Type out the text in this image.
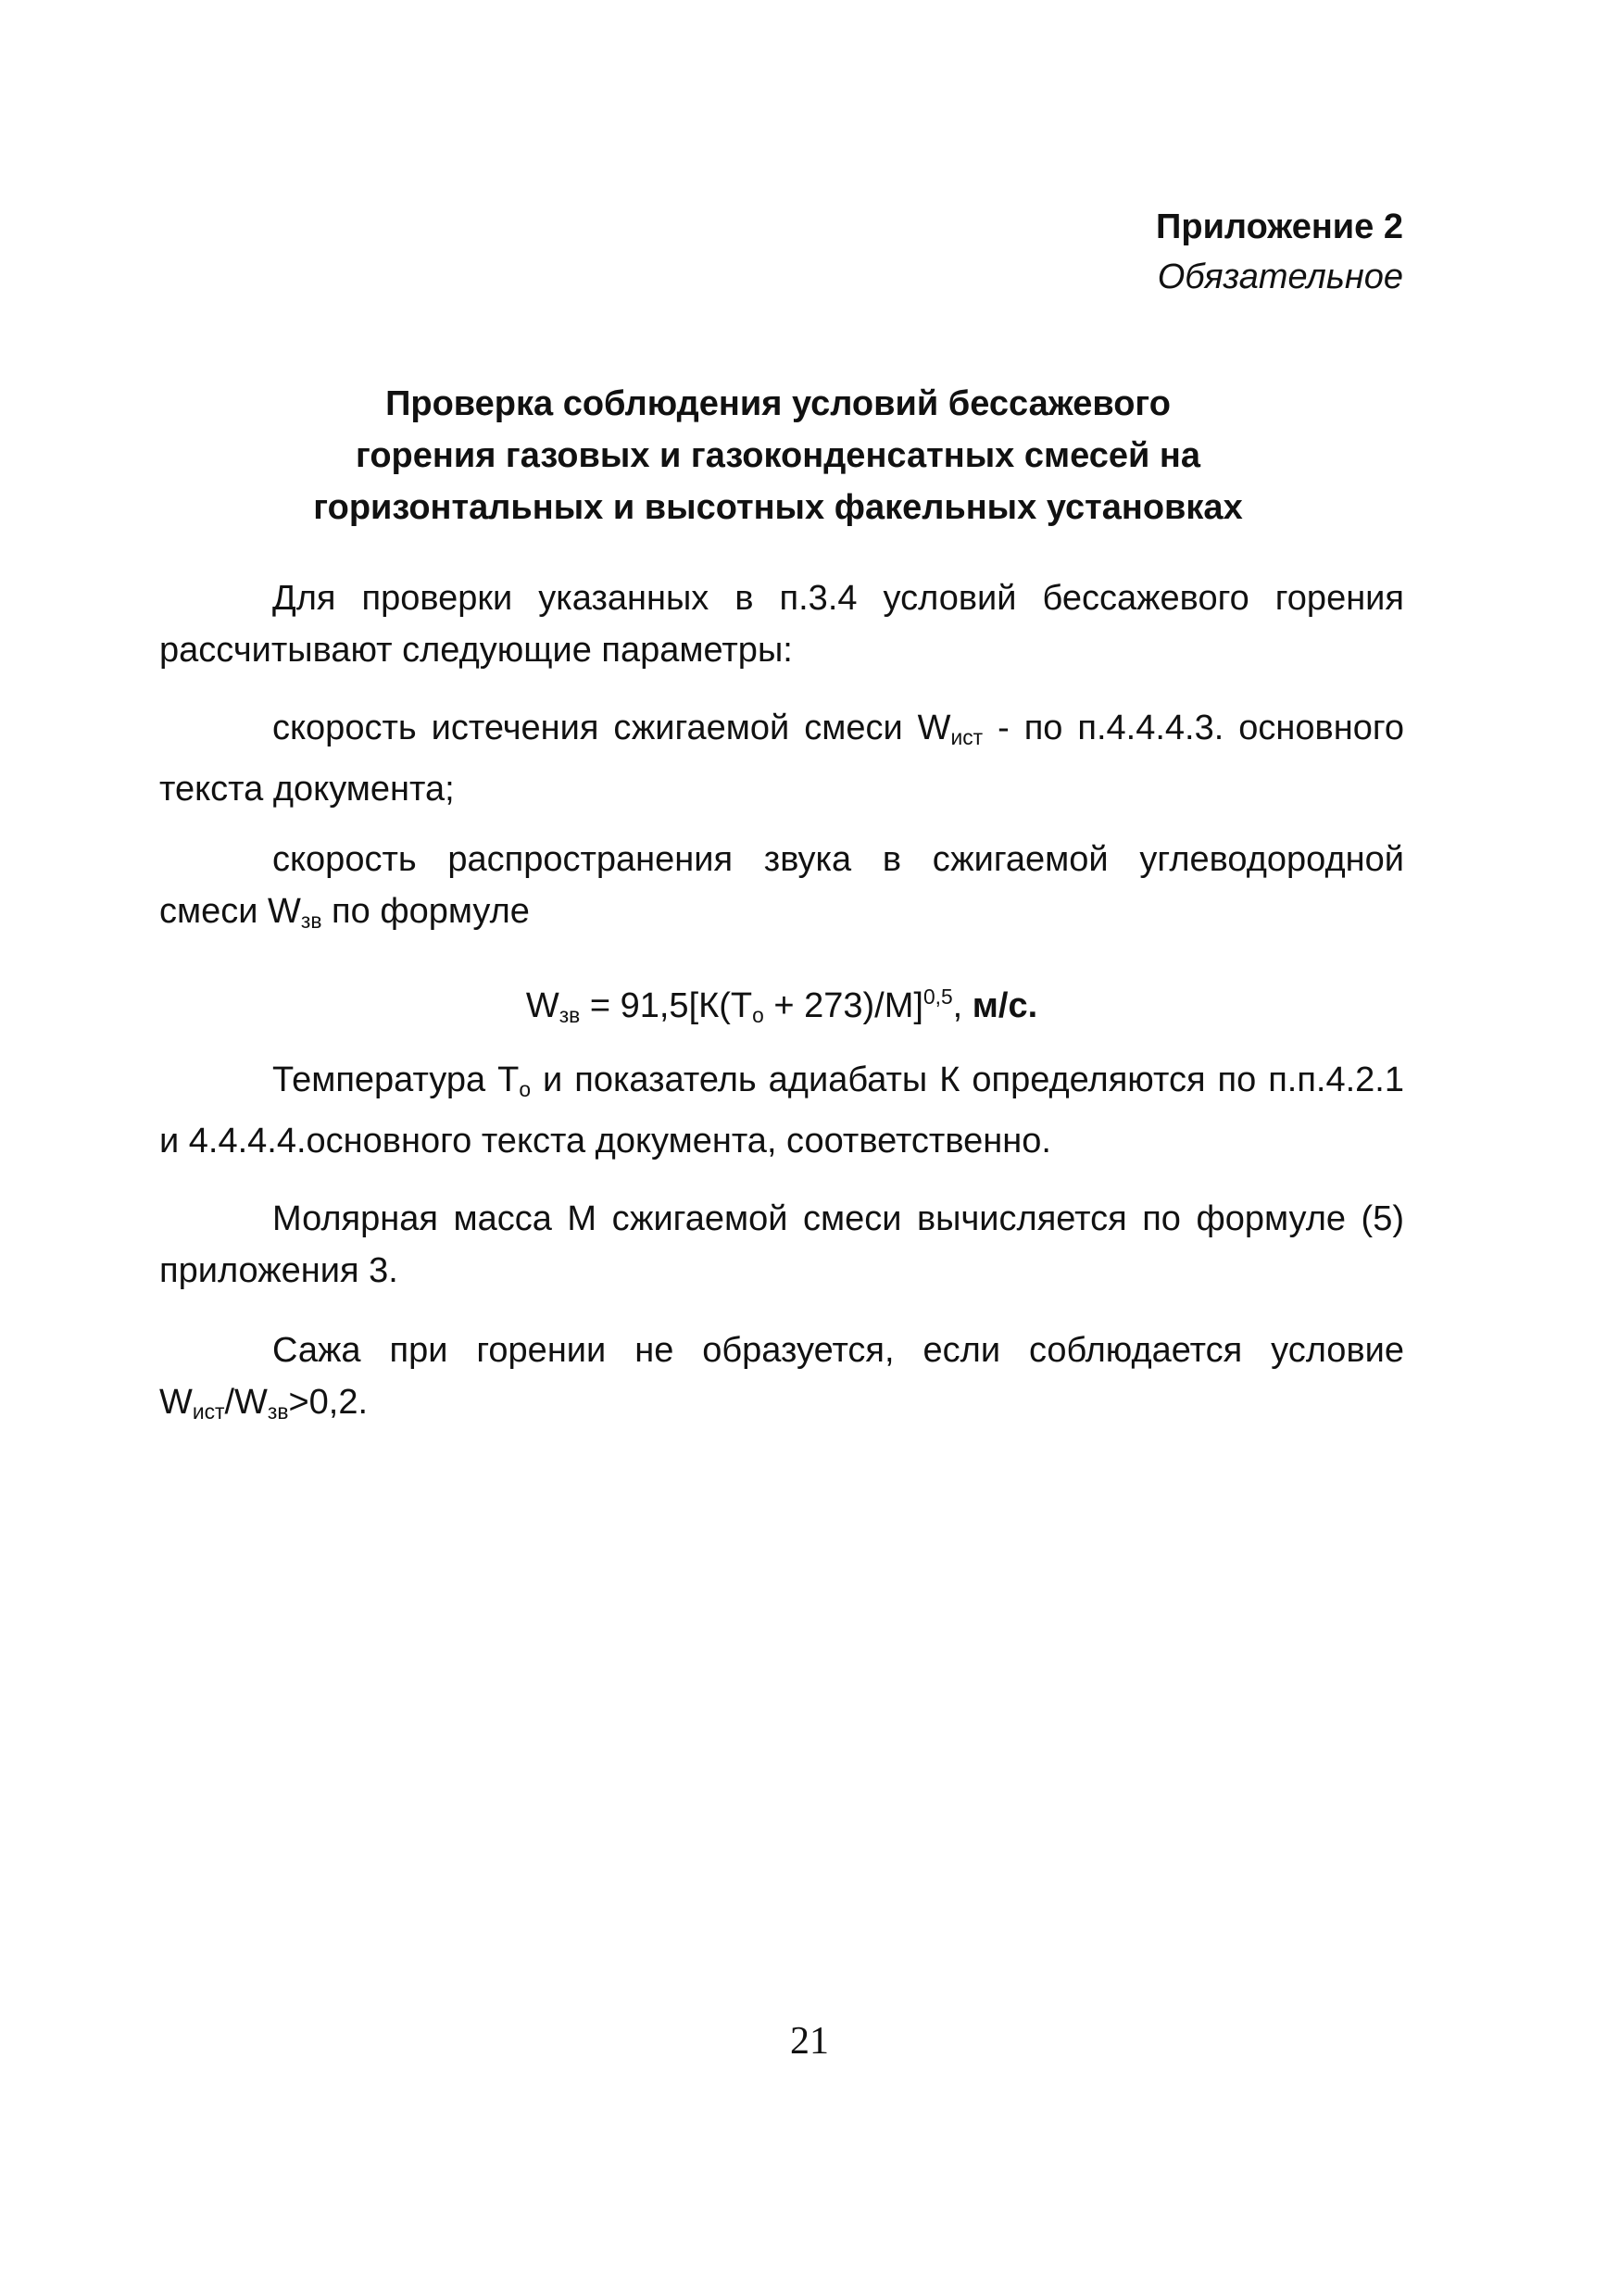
Приложение 2
Обязательное
Проверка соблюдения условий бессажевого
горения газовых и газоконденсатных смесей на
горизонтальных и высотных факельных установках

Для проверки указанных в п.3.4 условий бессажевого горения рассчитывают следующие параметры:

скорость истечения сжигаемой смеси $W_{ист}$ - по п.4.4.4.3. основного текста документа;

скорость распространения звука в сжигаемой углеводородной смеси $W_{зв}$ по формуле

$W_{зв} = 91,5[К(Т_о + 273)/М]^{0,5}$, м/с.

Температура $Т_о$ и показатель адиабаты К определяются по п.п.4.2.1 и 4.4.4.4.основного текста документа, соответственно.

Молярная масса М сжигаемой смеси вычисляется по формуле (5) приложения 3.

Сажа при горении не образуется, если соблюдается условие $W_{ист}/W_{зв}>0,2$.

21
